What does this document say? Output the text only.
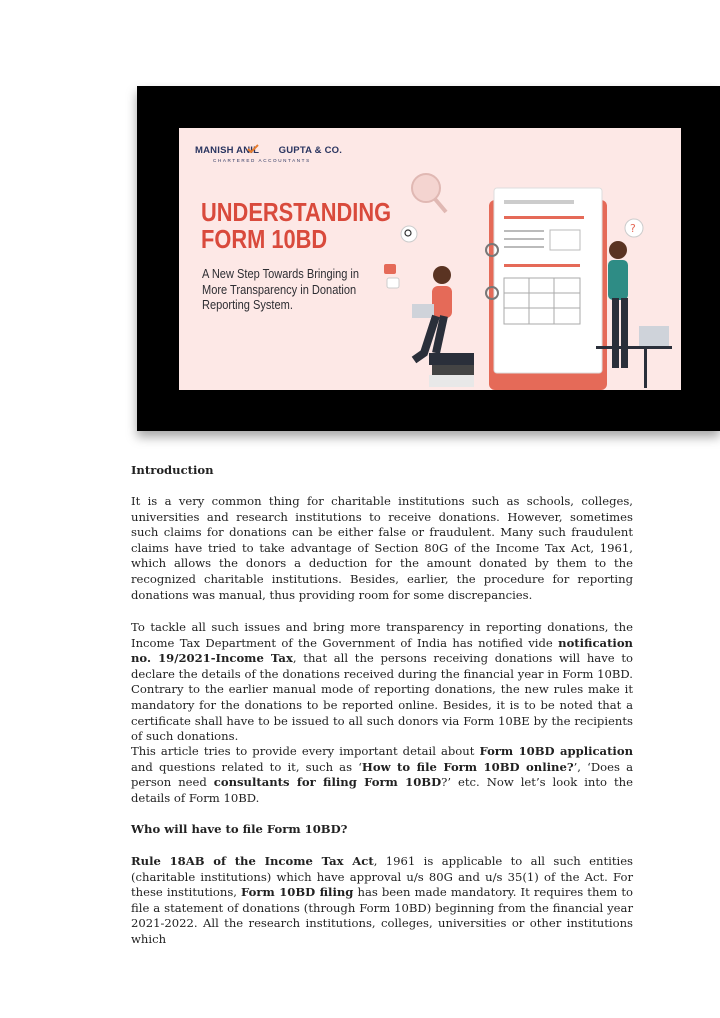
MANISH ANIL GUPTA & CO.
CHARTERED ACCOUNTANTS
UNDERSTANDING
FORM 10BD
A New Step Towards Bringing in More Transparency in Donation Reporting System.
?

Introduction

It is a very common thing for charitable institutions such as schools, colleges, universities and research institutions to receive donations. However, sometimes such claims for donations can be either false or fraudulent. Many such fraudulent claims have tried to take advantage of Section 80G of the Income Tax Act, 1961, which allows the donors a deduction for the amount donated by them to the recognized charitable institutions. Besides, earlier, the procedure for reporting donations was manual, thus providing room for some discrepancies.

To tackle all such issues and bring more transparency in reporting donations, the Income Tax Department of the Government of India has notified vide notification no. 19/2021-Income Tax, that all the persons receiving donations will have to declare the details of the donations received during the financial year in Form 10BD. Contrary to the earlier manual mode of reporting donations, the new rules make it mandatory for the donations to be reported online. Besides, it is to be noted that a certificate shall have to be issued to all such donors via Form 10BE by the recipients of such donations.

This article tries to provide every important detail about Form 10BD application and questions related to it, such as ‘How to file Form 10BD online?’, ‘Does a person need consultants for filing Form 10BD?’ etc. Now let’s look into the details of Form 10BD.

Who will have to file Form 10BD?

Rule 18AB of the Income Tax Act, 1961 is applicable to all such entities (charitable institutions) which have approval u/s 80G and u/s 35(1) of the Act. For these institutions, Form 10BD filing has been made mandatory. It requires them to file a statement of donations (through Form 10BD) beginning from the financial year 2021-2022. All the research institutions, colleges, universities or other institutions which
